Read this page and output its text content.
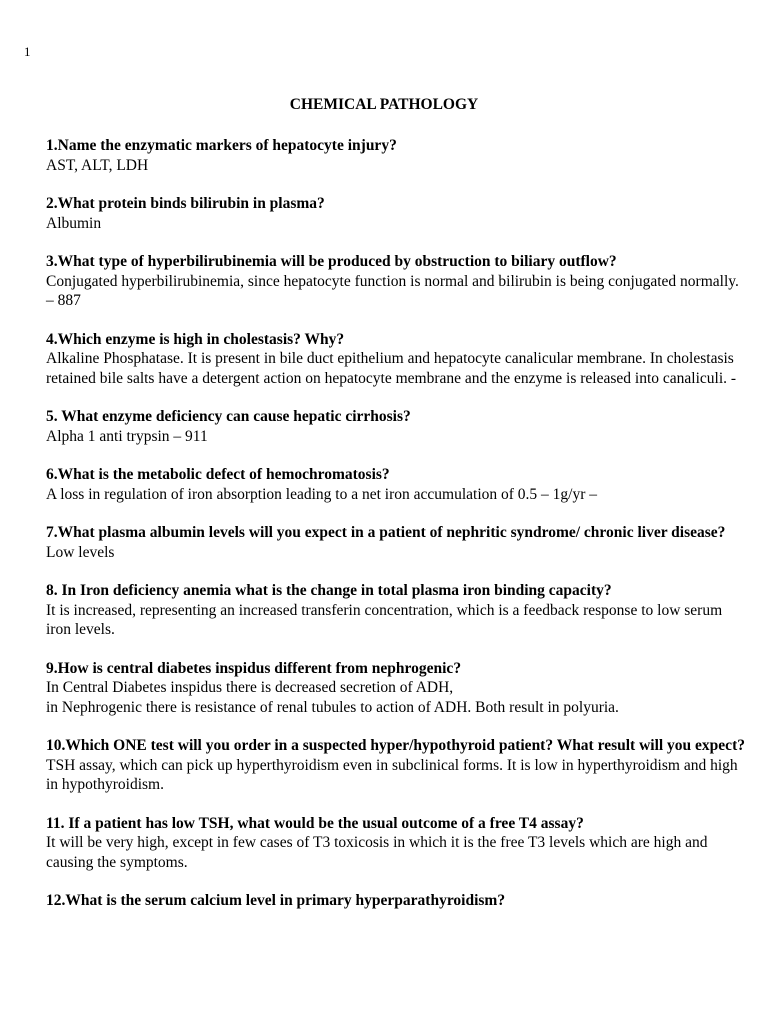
1
CHEMICAL PATHOLOGY

1.Name the enzymatic markers of hepatocyte injury?

AST, ALT, LDH

2.What protein binds bilirubin in plasma?

Albumin

3.What type of hyperbilirubinemia will be produced by obstruction to biliary outflow?

Conjugated hyperbilirubinemia, since hepatocyte function is normal and bilirubin is being conjugated normally. – 887

4.Which enzyme is high in cholestasis? Why?

Alkaline Phosphatase. It is present in bile duct epithelium and hepatocyte canalicular membrane. In cholestasis retained bile salts have a detergent action on hepatocyte membrane and the enzyme is released into canaliculi. -

5. What enzyme deficiency can cause hepatic cirrhosis?

Alpha 1 anti trypsin – 911

6.What is the metabolic defect of hemochromatosis?

A loss in regulation of iron absorption leading to a net iron accumulation of 0.5 – 1g/yr –

7.What plasma albumin levels will you expect in a patient of nephritic syndrome/ chronic liver disease?

Low levels

8. In Iron deficiency anemia what is the change in total plasma iron binding capacity?

It is increased, representing an increased transferin concentration, which is a feedback response to low serum iron levels.

9.How is central diabetes inspidus different from nephrogenic?

In Central Diabetes inspidus there is decreased secretion of ADH,
in Nephrogenic there is resistance of renal tubules to action of ADH. Both result in polyuria.

10.Which ONE test will you order in a suspected hyper/hypothyroid patient? What result will you expect?

TSH assay, which can pick up hyperthyroidism even in subclinical forms. It is low in hyperthyroidism and high in hypothyroidism.

11. If a patient has low TSH, what would be the usual outcome of a free T4 assay?

It will be very high, except in few cases of T3 toxicosis in which it is the free T3 levels which are high and causing the symptoms.

12.What is the serum calcium level in primary hyperparathyroidism?
